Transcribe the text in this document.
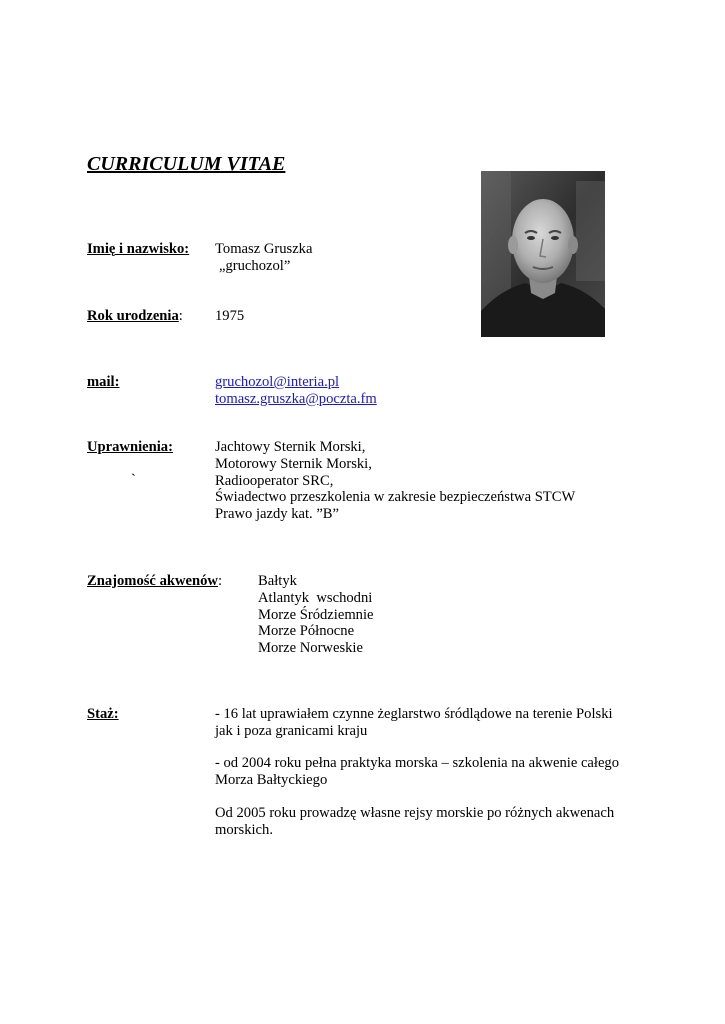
CURRICULUM VITAE
Imię i nazwisko: Tomasz Gruszka
„gruchozol”
Rok urodzenia: 1975
mail:	gruchozol@interia.pl
tomasz.gruszka@poczta.fm
Uprawnienia:
`
Jachtowy Sternik Morski,
Motorowy Sternik Morski,
Radiooperator SRC,
Świadectwo przeszkolenia w zakresie bezpieczeństwa STCW
Prawo jazdy kat. ”B”
Znajomość akwenów: Bałtyk
Atlantyk  wschodni
Morze Śródziemnie
Morze Północne
Morze Norweskie
Staż:	- 16 lat uprawiałem czynne żeglarstwo śródlądowe na terenie Polski jak i poza granicami kraju
- od 2004 roku pełna praktyka morska – szkolenia na akwenie całego Morza Bałtyckiego
Od 2005 roku prowadzę własne rejsy morskie po różnych akwenach morskich.
